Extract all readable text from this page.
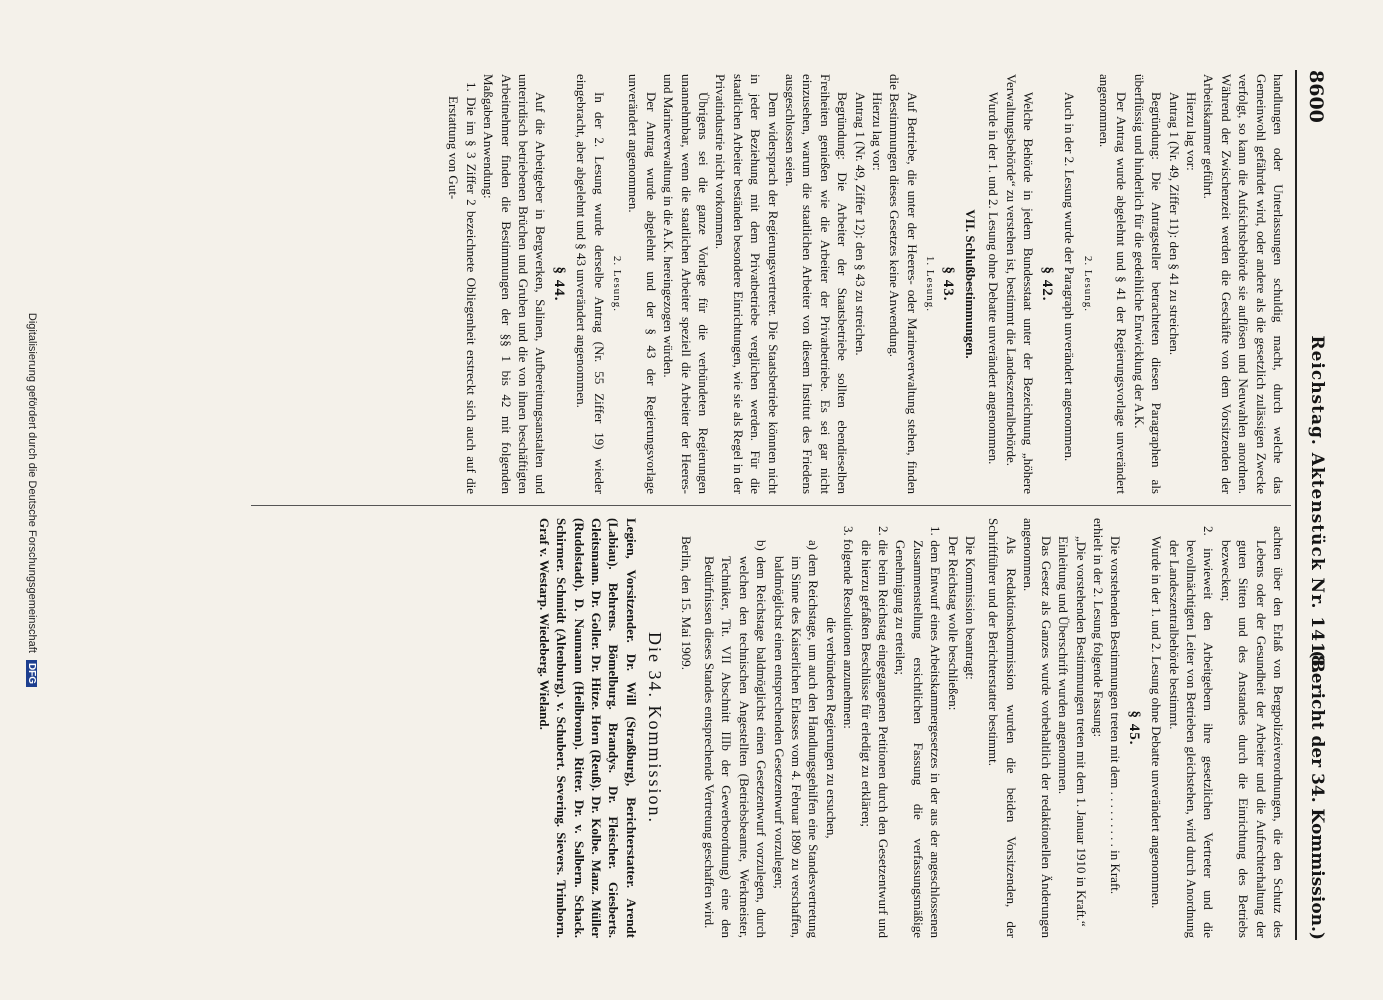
8600
Reichstag. Aktenstück Nr. 1418.
(Bericht der 34. Kommission.)

handlungen oder Unterlassungen schuldig macht, durch welche das Gemeinwohl gefährdet wird, oder andere als die gesetzlich zulässigen Zwecke verfolgt, so kann die Aufsichtsbehörde sie auflösen und Neuwahlen anordnen. Während der Zwischenzeit werden die Geschäfte von dem Vorsitzenden der Arbeitskammer geführt.

Hierzu lag vor:

Antrag 1 (Nr. 49, Ziffer 11): den § 41 zu streichen.

Begründung: Die Antragsteller betrachteten diesen Paragraphen als überflüssig und hinderlich für die gedeihliche Entwicklung der A.K.

Der Antrag wurde abgelehnt und § 41 der Regierungsvorlage unverändert angenommen.

2. Lesung.

Auch in der 2. Lesung wurde der Paragraph unverändert angenommen.

§ 42.

Welche Behörde in jedem Bundesstaat unter der Bezeichnung „höhere Verwaltungsbehörde“ zu verstehen ist, bestimmt die Landeszentralbehörde.

Wurde in der 1. und 2. Lesung ohne Debatte unverändert angenommen.

VII. Schlußbestimmungen.

§ 43.

1. Lesung.

Auf Betriebe, die unter der Heeres- oder Marineverwaltung stehen, finden die Bestimmungen dieses Gesetzes keine Anwendung.

Hierzu lag vor:

Antrag 1 (Nr. 49, Ziffer 12): den § 43 zu streichen.

Begründung: Die Arbeiter der Staatsbetriebe sollten ebendieselben Freiheiten genießen wie die Arbeiter der Privatbetriebe. Es sei gar nicht einzusehen, warum die staatlichen Arbeiter von diesem Institut des Friedens ausgeschlossen seien.

Dem widersprach der Regierungsvertreter. Die Staatsbetriebe könnten nicht in jeder Beziehung mit dem Privatbetriebe verglichen werden. Für die staatlichen Arbeiter beständen besondere Einrichtungen, wie sie als Regel in der Privatindustrie nicht vorkommen.

Übrigens sei die ganze Vorlage für die verbündeten Regierungen unannehmbar, wenn die staatlichen Arbeiter speziell die Arbeiter der Heeres- und Marineverwaltung in die A.K. hereingezogen würden.

Der Antrag wurde abgelehnt und der § 43 der Regierungsvorlage unverändert angenommen.

2. Lesung.

In der 2. Lesung wurde derselbe Antrag (Nr. 55 Ziffer 19) wieder eingebracht, aber abgelehnt und § 43 unverändert angenommen.

§ 44.

Auf die Arbeitgeber in Bergwerken, Salinen, Aufbereitungsanstalten und unterirdisch betriebenen Brüchen und Gruben und die von ihnen beschäftigten Arbeitnehmer finden die Bestimmungen der §§ 1 bis 42 mit folgenden Maßgaben Anwendung:

1. Die im § 3 Ziffer 2 bezeichnete Obliegenheit erstreckt sich auch auf die Erstattung von Gut-

achten über den Erlaß von Bergpolizeiverordnungen, die den Schutz des Lebens oder der Gesundheit der Arbeiter und die Aufrechterhaltung der guten Sitten und des Anstandes durch die Einrichtung des Betriebs bezwecken;

2. inwieweit den Arbeitgebern ihre gesetzlichen Vertreter und die bevollmächtigten Leiter von Betrieben gleichstehen, wird durch Anordnung der Landeszentralbehörde bestimmt.

Wurde in der 1. und 2. Lesung ohne Debatte unverändert angenommen.

§ 45.

Die vorstehenden Bestimmungen treten mit dem . . . . . . . . . in Kraft.

erhielt in der 2. Lesung folgende Fassung:

„Die vorstehenden Bestimmungen treten mit dem 1. Januar 1910 in Kraft.“

Einleitung und Überschrift wurden angenommen.

Das Gesetz als Ganzes wurde vorbehaltlich der redaktionellen Änderungen angenommen.

Als Redaktionskommission wurden die beiden Vorsitzenden, der Schriftführer und der Berichterstatter bestimmt.

Die Kommission beantragt:

Der Reichstag wolle beschließen:

1. dem Entwurf eines Arbeitskammergesetzes in der aus der angeschlossenen Zusammenstellung ersichtlichen Fassung die verfassungsmäßige Genehmigung zu erteilen;

2. die beim Reichstag eingegangenen Petitionen durch den Gesetzentwurf und die hierzu gefaßten Beschlüsse für erledigt zu erklären;

3. folgende Resolutionen anzunehmen:

die verbündeten Regierungen zu ersuchen,

a) dem Reichstage, um auch den Handlungsgehilfen eine Standesvertretung im Sinne des Kaiserlichen Erlasses vom 4. Februar 1890 zu verschaffen, baldmöglichst einen entsprechenden Gesetzentwurf vorzulegen;

b) dem Reichstage baldmöglichst einen Gesetzentwurf vorzulegen, durch welchen den technischen Angestellten (Betriebsbeamte, Werkmeister, Techniker, Tit. VII Abschnitt IIIb der Gewerbeordnung) eine den Bedürfnissen dieses Standes entsprechende Vertretung geschaffen wird.

Berlin, den 15. Mai 1909.

Die 34. Kommission.

Legien, Vorsitzender. Dr. Will (Straßburg), Berichterstatter. Arendt (Labiau). Behrens. Bömelburg. Brandys. Dr. Fleischer. Giesberts. Gleitsmann. Dr. Goller. Dr. Hitze. Horn (Reuß). Dr. Kolbe. Manz. Müller (Rudolstadt). D. Naumann (Heilbronn). Ritter. Dr. v. Salbern. Schack. Schirmer. Schmidt (Altenburg). v. Schubert. Severing. Sievers. Trimborn. Graf v. Westarp. Wiedeberg. Wieland.

Digitalisierung gefördert durch die Deutsche Forschungsgemeinschaft DFG
